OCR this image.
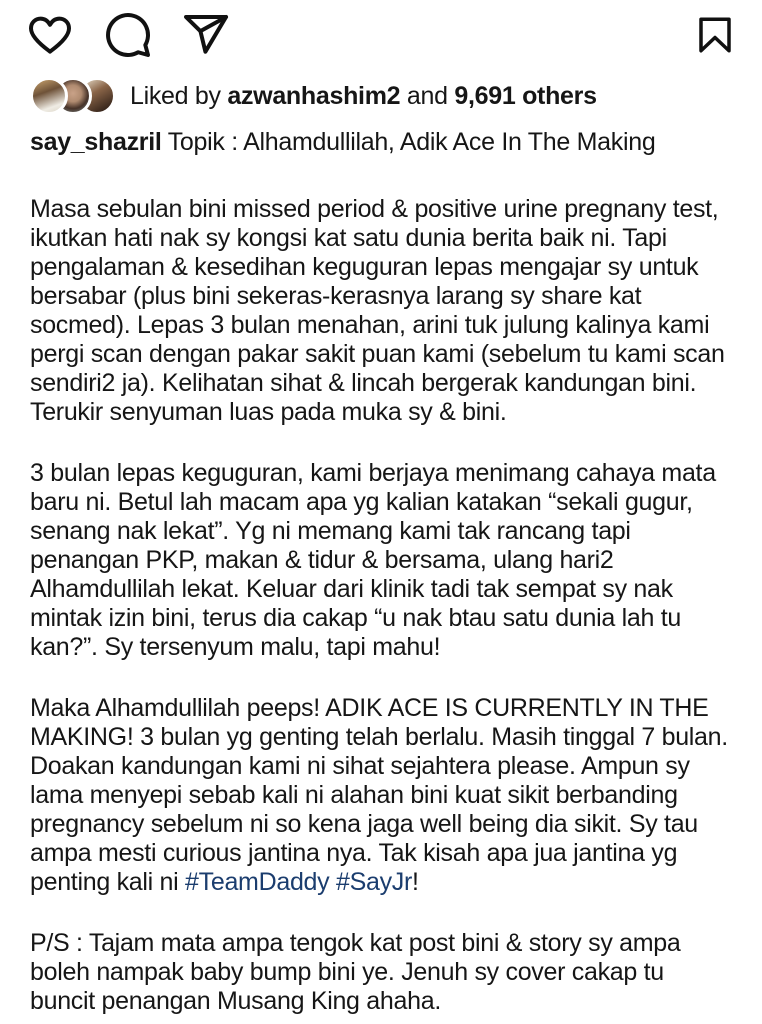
Liked by azwanhashim2 and 9,691 others

say_shazril Topik : Alhamdullilah, Adik Ace In The Making

Masa sebulan bini missed period & positive urine pregnany test, ikutkan hati nak sy kongsi kat satu dunia berita baik ni. Tapi pengalaman & kesedihan keguguran lepas mengajar sy untuk bersabar (plus bini sekeras-kerasnya larang sy share kat socmed). Lepas 3 bulan menahan, arini tuk julung kalinya kami pergi scan dengan pakar sakit puan kami (sebelum tu kami scan sendiri2 ja). Kelihatan sihat & lincah bergerak kandungan bini. Terukir senyuman luas pada muka sy & bini.

3 bulan lepas keguguran, kami berjaya menimang cahaya mata baru ni. Betul lah macam apa yg kalian katakan “sekali gugur, senang nak lekat”. Yg ni memang kami tak rancang tapi penangan PKP, makan & tidur & bersama, ulang hari2 Alhamdullilah lekat. Keluar dari klinik tadi tak sempat sy nak mintak izin bini, terus dia cakap “u nak btau satu dunia lah tu kan?”. Sy tersenyum malu, tapi mahu!

Maka Alhamdullilah peeps! ADIK ACE IS CURRENTLY IN THE MAKING! 3 bulan yg genting telah berlalu. Masih tinggal 7 bulan. Doakan kandungan kami ni sihat sejahtera please. Ampun sy lama menyepi sebab kali ni alahan bini kuat sikit berbanding pregnancy sebelum ni so kena jaga well being dia sikit. Sy tau ampa mesti curious jantina nya. Tak kisah apa jua jantina yg penting kali ni #TeamDaddy #SayJr!

P/S : Tajam mata ampa tengok kat post bini & story sy ampa boleh nampak baby bump bini ye. Jenuh sy cover cakap tu buncit penangan Musang King ahaha.
